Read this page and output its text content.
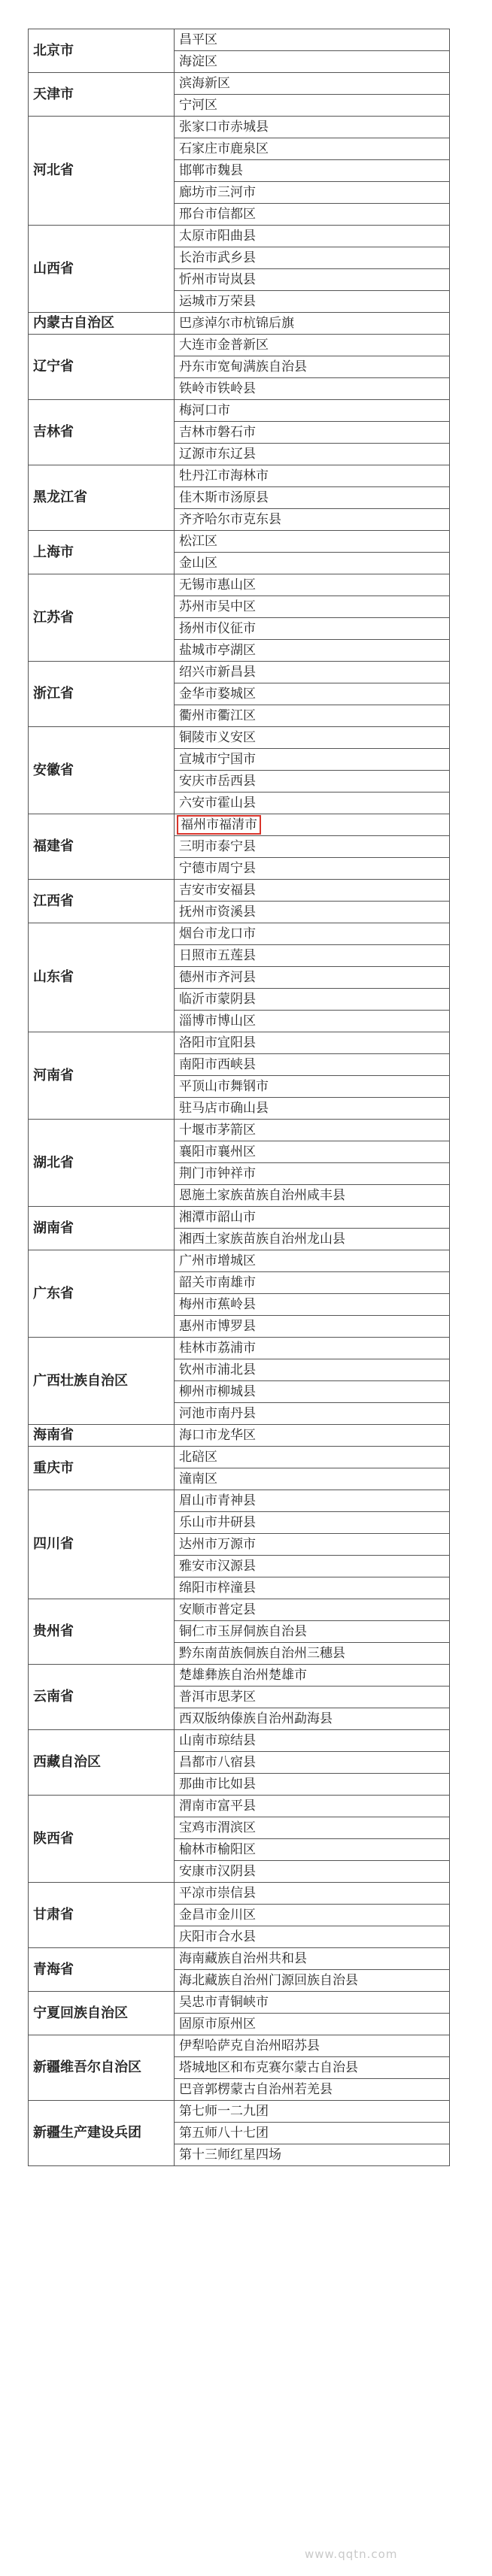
北京市	昌平区
	海淀区
天津市	滨海新区
	宁河区
河北省	张家口市赤城县
	石家庄市鹿泉区
	邯郸市魏县
	廊坊市三河市
	邢台市信都区
山西省	太原市阳曲县
	长治市武乡县
	忻州市岢岚县
	运城市万荣县
内蒙古自治区	巴彦淖尔市杭锦后旗
辽宁省	大连市金普新区
	丹东市宽甸满族自治县
	铁岭市铁岭县
吉林省	梅河口市
	吉林市磐石市
	辽源市东辽县
黑龙江省	牡丹江市海林市
	佳木斯市汤原县
	齐齐哈尔市克东县
上海市	松江区
	金山区
江苏省	无锡市惠山区
	苏州市吴中区
	扬州市仪征市
	盐城市亭湖区
浙江省	绍兴市新昌县
	金华市婺城区
	衢州市衢江区
安徽省	铜陵市义安区
	宣城市宁国市
	安庆市岳西县
	六安市霍山县
福建省	福州市福清市
	三明市泰宁县
	宁德市周宁县
江西省	吉安市安福县
	抚州市资溪县
山东省	烟台市龙口市
	日照市五莲县
	德州市齐河县
	临沂市蒙阴县
	淄博市博山区
河南省	洛阳市宜阳县
	南阳市西峡县
	平顶山市舞钢市
	驻马店市确山县
湖北省	十堰市茅箭区
	襄阳市襄州区
	荆门市钟祥市
	恩施土家族苗族自治州咸丰县
湖南省	湘潭市韶山市
	湘西土家族苗族自治州龙山县
广东省	广州市增城区
	韶关市南雄市
	梅州市蕉岭县
	惠州市博罗县
广西壮族自治区	桂林市荔浦市
	钦州市浦北县
	柳州市柳城县
	河池市南丹县
海南省	海口市龙华区
重庆市	北碚区
	潼南区
四川省	眉山市青神县
	乐山市井研县
	达州市万源市
	雅安市汉源县
	绵阳市梓潼县
贵州省	安顺市普定县
	铜仁市玉屏侗族自治县
	黔东南苗族侗族自治州三穗县
云南省	楚雄彝族自治州楚雄市
	普洱市思茅区
	西双版纳傣族自治州勐海县
西藏自治区	山南市琼结县
	昌都市八宿县
	那曲市比如县
陕西省	渭南市富平县
	宝鸡市渭滨区
	榆林市榆阳区
	安康市汉阴县
甘肃省	平凉市崇信县
	金昌市金川区
	庆阳市合水县
青海省	海南藏族自治州共和县
	海北藏族自治州门源回族自治县
宁夏回族自治区	吴忠市青铜峡市
	固原市原州区
新疆维吾尔自治区	伊犁哈萨克自治州昭苏县
	塔城地区和布克赛尔蒙古自治县
	巴音郭楞蒙古自治州若羌县
新疆生产建设兵团	第七师一二九团
	第五师八十七团
	第十三师红星四场
www.qqtn.com
